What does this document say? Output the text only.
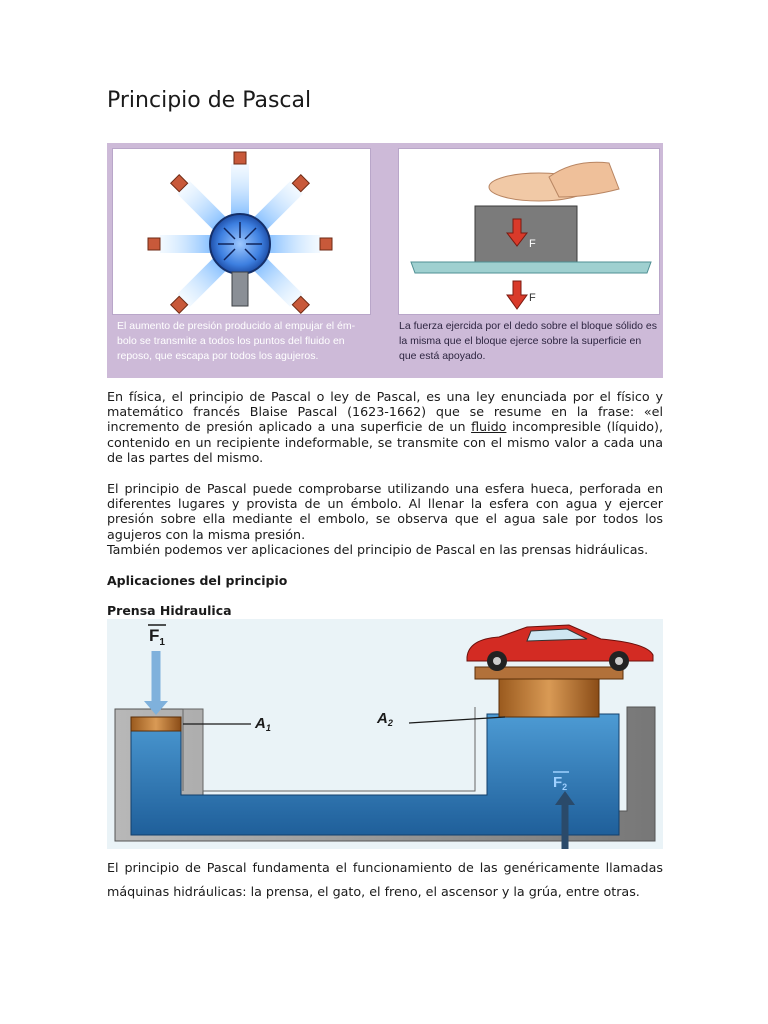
Principio de Pascal
El aumento de presión producido al empujar el ém- bolo se transmite a todos los puntos del fluido en reposo, que escapa por todos los agujeros.
F
F
La fuerza ejercida por el dedo sobre el bloque sólido es la misma que el bloque ejerce sobre la superficie en que está apoyado.

En física, el principio de Pascal o ley de Pascal, es una ley enunciada por el físico y matemático francés Blaise Pascal (1623-1662) que se resume en la frase: «el incremento de presión aplicado a una superficie de un fluido incompresible (líquido), contenido en un recipiente indeformable, se transmite con el mismo valor a cada una de las partes del mismo.

El principio de Pascal puede comprobarse utilizando una esfera hueca, perforada en diferentes lugares y provista de un émbolo. Al llenar la esfera con agua y ejercer presión sobre ella mediante el embolo, se observa que el agua sale por todos los agujeros con la misma presión.

También podemos ver aplicaciones del principio de Pascal en las prensas hidráulicas.

Aplicaciones del principio
Prensa Hidraulica
$F_1$
$A_1$
$A_2$
$F_2$

El principio de Pascal fundamenta el funcionamiento de las genéricamente llamadas máquinas hidráulicas: la prensa, el gato, el freno, el ascensor y la grúa, entre otras.
